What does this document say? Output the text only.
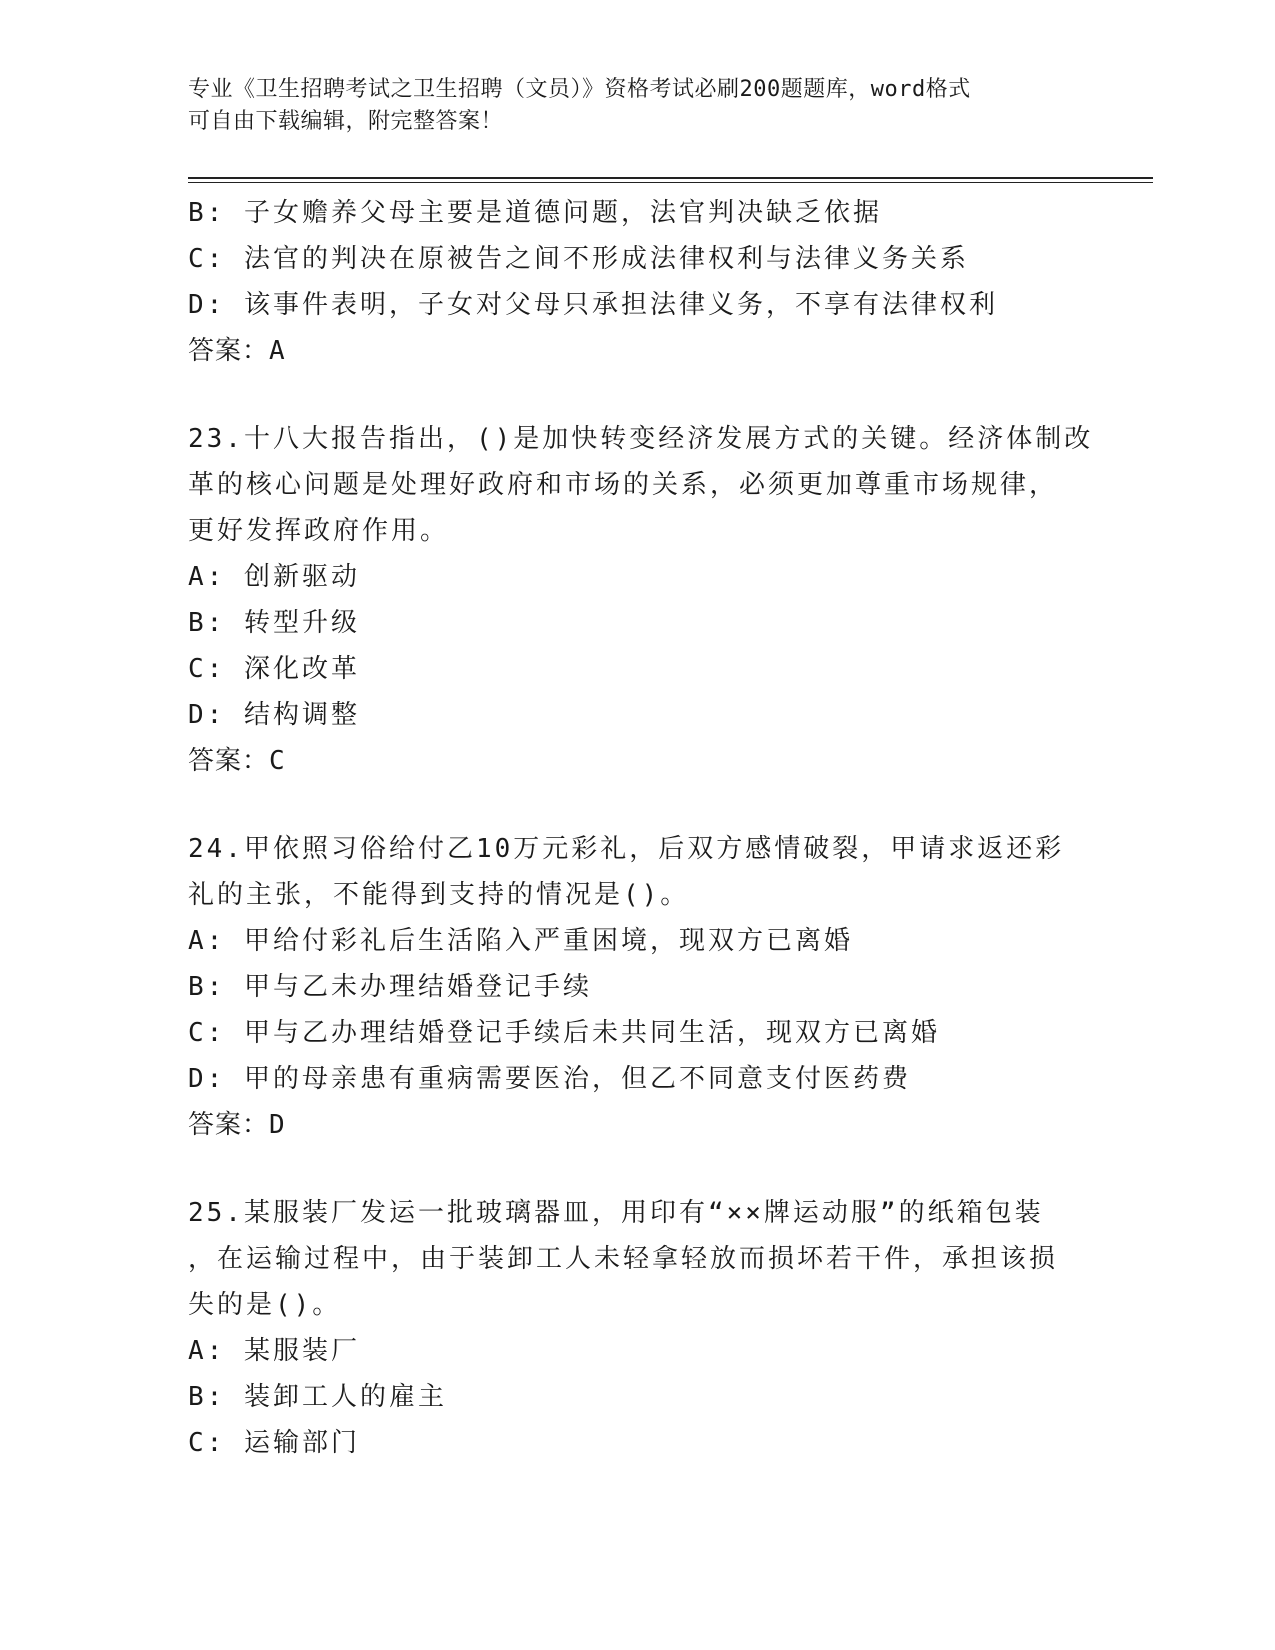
专业《卫生招聘考试之卫生招聘（文员）》资格考试必刷200题题库，word格式
可自由下载编辑，附完整答案！
B: 子女赡养父母主要是道德问题，法官判决缺乏依据
C: 法官的判决在原被告之间不形成法律权利与法律义务关系
D: 该事件表明，子女对父母只承担法律义务，不享有法律权利
答案：A
23.十八大报告指出，()是加快转变经济发展方式的关键。经济体制改
革的核心问题是处理好政府和市场的关系，必须更加尊重市场规律，
更好发挥政府作用。
A: 创新驱动
B: 转型升级
C: 深化改革
D: 结构调整
答案：C
24.甲依照习俗给付乙10万元彩礼，后双方感情破裂，甲请求返还彩
礼的主张，不能得到支持的情况是()。
A: 甲给付彩礼后生活陷入严重困境，现双方已离婚
B: 甲与乙未办理结婚登记手续
C: 甲与乙办理结婚登记手续后未共同生活，现双方已离婚
D: 甲的母亲患有重病需要医治，但乙不同意支付医药费
答案：D
25.某服装厂发运一批玻璃器皿，用印有“××牌运动服”的纸箱包装
，在运输过程中，由于装卸工人未轻拿轻放而损坏若干件，承担该损
失的是()。
A: 某服装厂
B: 装卸工人的雇主
C: 运输部门
